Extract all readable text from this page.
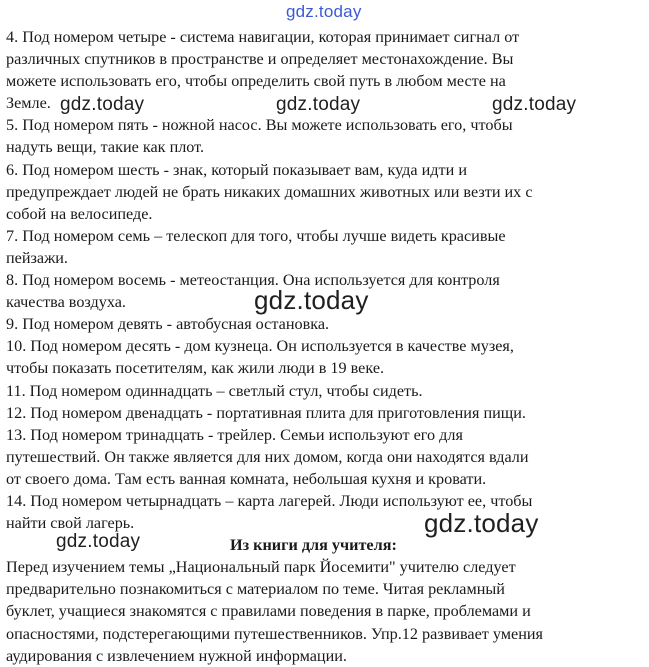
gdz.today

4. Под номером четыре - система навигации, которая принимает сигнал от

различных спутников в пространстве и определяет местонахождение. Вы

можете использовать его, чтобы определить свой путь в любом месте на

Земле.

5. Под номером пять - ножной насос. Вы можете использовать его, чтобы

надуть вещи, такие как плот.

6. Под номером шесть - знак, который показывает вам, куда идти и

предупреждает людей не брать никаких домашних животных или везти их с

собой на велосипеде.

7. Под номером семь – телескоп для того, чтобы лучше видеть красивые

пейзажи.

8. Под номером восемь - метеостанция. Она используется для контроля

качества воздуха.

9. Под номером девять - автобусная остановка.

10. Под номером десять - дом кузнеца. Он используется в качестве музея,

чтобы показать посетителям, как жили люди в 19 веке.

11. Под номером одиннадцать – светлый стул, чтобы сидеть.

12. Под номером двенадцать - портативная плита для приготовления пищи.

13. Под номером тринадцать - трейлер. Семьи используют его для

путешествий. Он также является для них домом, когда они находятся вдали

от своего дома. Там есть ванная комната, небольшая кухня и кровати.

14. Под номером четырнадцать – карта лагерей. Люди используют ее, чтобы

найти свой лагерь.

Из книги для учителя:

Перед изучением темы „Национальный парк Йосемити" учителю следует

предварительно познакомиться с материалом по теме. Читая рекламный

буклет, учащиеся знакомятся с правилами поведения в парке, проблемами и

опасностями, подстерегающими путешественников. Упр.12 развивает умения

аудирования с извлечением нужной информации.

gdz.today	gdz.today	gdz.today
gdz.today
gdz.today
gdz.today
